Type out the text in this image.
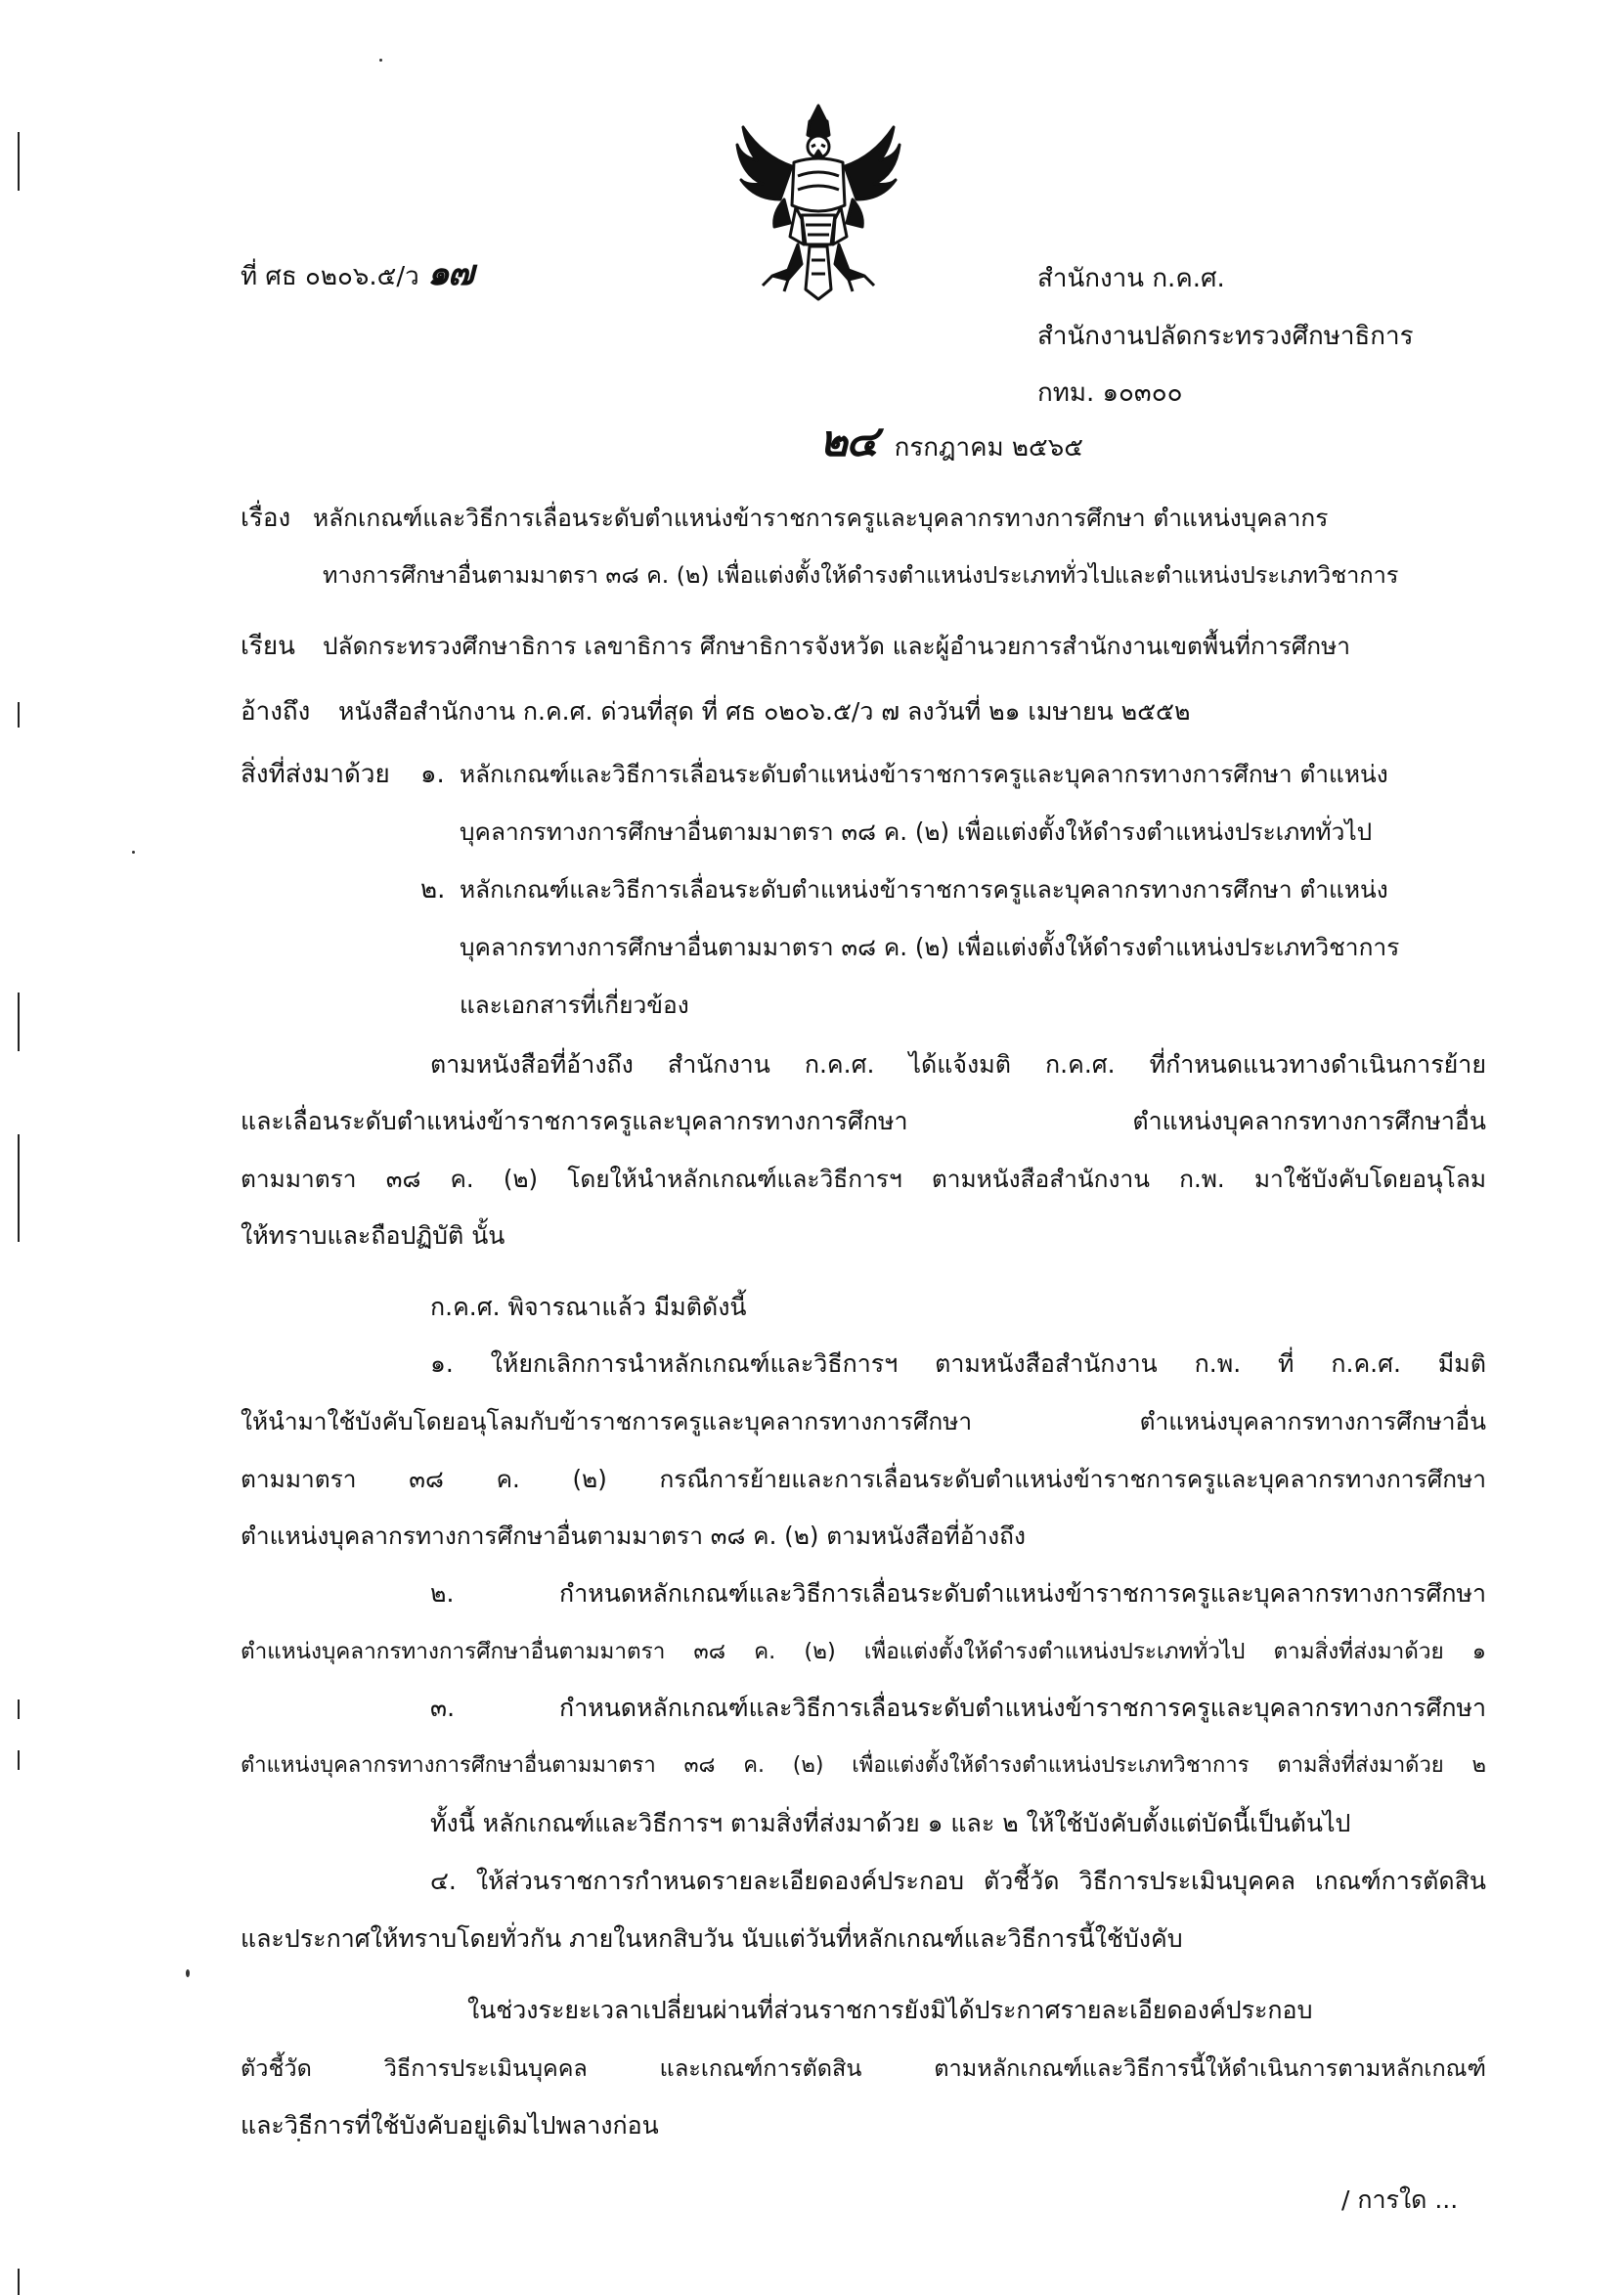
ที่ ศธ ๐๒๐๖.๕/ว ๑๗	สำนักงาน ก.ค.ศ.
สำนักงานปลัดกระทรวงศึกษาธิการ
กทม. ๑๐๓๐๐
๒๔ กรกฎาคม ๒๕๖๕
เรื่อง หลักเกณฑ์และวิธีการเลื่อนระดับตำแหน่งข้าราชการครูและบุคลากรทางการศึกษา ตำแหน่งบุคลากร
ทางการศึกษาอื่นตามมาตรา ๓๘ ค. (๒) เพื่อแต่งตั้งให้ดำรงตำแหน่งประเภททั่วไปและตำแหน่งประเภทวิชาการ
เรียน ปลัดกระทรวงศึกษาธิการ เลขาธิการ ศึกษาธิการจังหวัด และผู้อำนวยการสำนักงานเขตพื้นที่การศึกษา
อ้างถึง หนังสือสำนักงาน ก.ค.ศ. ด่วนที่สุด ที่ ศธ ๐๒๐๖.๕/ว ๗ ลงวันที่ ๒๑ เมษายน ๒๕๕๒
สิ่งที่ส่งมาด้วย ๑. หลักเกณฑ์และวิธีการเลื่อนระดับตำแหน่งข้าราชการครูและบุคลากรทางการศึกษา ตำแหน่ง
บุคลากรทางการศึกษาอื่นตามมาตรา ๓๘ ค. (๒) เพื่อแต่งตั้งให้ดำรงตำแหน่งประเภททั่วไป
๒. หลักเกณฑ์และวิธีการเลื่อนระดับตำแหน่งข้าราชการครูและบุคลากรทางการศึกษา ตำแหน่ง
บุคลากรทางการศึกษาอื่นตามมาตรา ๓๘ ค. (๒) เพื่อแต่งตั้งให้ดำรงตำแหน่งประเภทวิชาการ
และเอกสารที่เกี่ยวข้อง
ตามหนังสือที่อ้างถึง สำนักงาน ก.ค.ศ. ได้แจ้งมติ ก.ค.ศ. ที่กำหนดแนวทางดำเนินการย้าย
และเลื่อนระดับตำแหน่งข้าราชการครูและบุคลากรทางการศึกษา ตำแหน่งบุคลากรทางการศึกษาอื่น
ตามมาตรา ๓๘ ค. (๒) โดยให้นำหลักเกณฑ์และวิธีการฯ ตามหนังสือสำนักงาน ก.พ. มาใช้บังคับโดยอนุโลม
ให้ทราบและถือปฏิบัติ นั้น
ก.ค.ศ. พิจารณาแล้ว มีมติดังนี้
๑. ให้ยกเลิกการนำหลักเกณฑ์และวิธีการฯ ตามหนังสือสำนักงาน ก.พ. ที่ ก.ค.ศ. มีมติ
ให้นำมาใช้บังคับโดยอนุโลมกับข้าราชการครูและบุคลากรทางการศึกษา ตำแหน่งบุคลากรทางการศึกษาอื่น
ตามมาตรา ๓๘ ค. (๒) กรณีการย้ายและการเลื่อนระดับตำแหน่งข้าราชการครูและบุคลากรทางการศึกษา
ตำแหน่งบุคลากรทางการศึกษาอื่นตามมาตรา ๓๘ ค. (๒) ตามหนังสือที่อ้างถึง
๒. กำหนดหลักเกณฑ์และวิธีการเลื่อนระดับตำแหน่งข้าราชการครูและบุคลากรทางการศึกษา
ตำแหน่งบุคลากรทางการศึกษาอื่นตามมาตรา ๓๘ ค. (๒) เพื่อแต่งตั้งให้ดำรงตำแหน่งประเภททั่วไป ตามสิ่งที่ส่งมาด้วย ๑
๓. กำหนดหลักเกณฑ์และวิธีการเลื่อนระดับตำแหน่งข้าราชการครูและบุคลากรทางการศึกษา
ตำแหน่งบุคลากรทางการศึกษาอื่นตามมาตรา ๓๘ ค. (๒) เพื่อแต่งตั้งให้ดำรงตำแหน่งประเภทวิชาการ ตามสิ่งที่ส่งมาด้วย ๒
ทั้งนี้ หลักเกณฑ์และวิธีการฯ ตามสิ่งที่ส่งมาด้วย ๑ และ ๒ ให้ใช้บังคับตั้งแต่บัดนี้เป็นต้นไป
๔. ให้ส่วนราชการกำหนดรายละเอียดองค์ประกอบ ตัวชี้วัด วิธีการประเมินบุคคล เกณฑ์การตัดสิน
และประกาศให้ทราบโดยทั่วกัน ภายในหกสิบวัน นับแต่วันที่หลักเกณฑ์และวิธีการนี้ใช้บังคับ
ในช่วงระยะเวลาเปลี่ยนผ่านที่ส่วนราชการยังมิได้ประกาศรายละเอียดองค์ประกอบ
ตัวชี้วัด วิธีการประเมินบุคคล และเกณฑ์การตัดสิน ตามหลักเกณฑ์และวิธีการนี้ให้ดำเนินการตามหลักเกณฑ์
และวิธีการที่ใช้บังคับอยู่เดิมไปพลางก่อน
/ การใด ...
